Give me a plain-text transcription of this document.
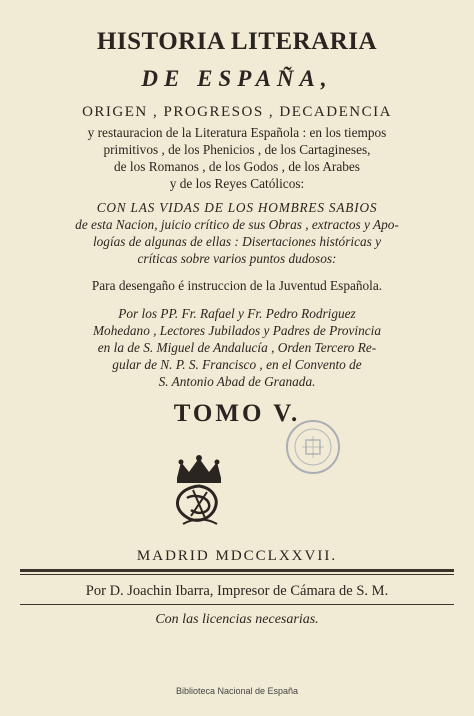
HISTORIA LITERARIA
DE ESPAÑA,
ORIGEN , PROGRESOS , DECADENCIA
y restauracion de la Literatura Española : en los tiempos
primitivos , de los Phenicios , de los Cartagineses,
de los Romanos , de los Godos , de los Arabes
y de los Reyes Católicos:
CON LAS VIDAS DE LOS HOMBRES SABIOS
de esta Nacion, juicio crítico de sus Obras , extractos y Apo-
logías de algunas de ellas : Disertaciones históricas y
críticas sobre varios puntos dudosos:
Para desengaño é instruccion de la Juventud Española.
Por los PP. Fr. Rafael y Fr. Pedro Rodriguez
Mohedano , Lectores Jubilados y Padres de Provincia
en la de S. Miguel de Andalucía , Orden Tercero Re-
gular de N. P. S. Francisco , en el Convento de
S. Antonio Abad de Granada.
TOMO V.
MADRID MDCCLXXVII.
Por D. Joachin Ibarra, Impresor de Cámara de S. M.
Con las licencias necesarias.
Biblioteca Nacional de España
